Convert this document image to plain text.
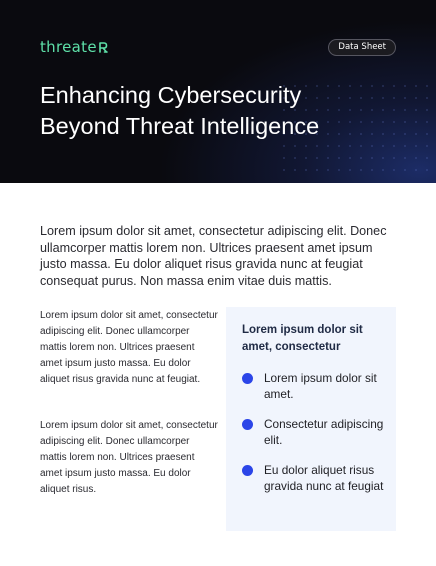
threate	Data Sheet
Enhancing Cybersecurity
Beyond Threat Intelligence

Lorem ipsum dolor sit amet, consectetur adipiscing elit. Donec ullamcorper mattis lorem non. Ultrices praesent amet ipsum justo massa. Eu dolor aliquet risus gravida nunc at feugiat consequat purus. Non massa enim vitae duis mattis.

Lorem ipsum dolor sit amet, consectetur adipiscing elit. Donec ullamcorper mattis lorem non. Ultrices praesent amet ipsum justo massa. Eu dolor aliquet risus gravida nunc at feugiat.

Lorem ipsum dolor sit amet, consectetur adipiscing elit. Donec ullamcorper mattis lorem non. Ultrices praesent amet ipsum justo massa. Eu dolor aliquet risus.

Lorem ipsum dolor sit amet, consectetur
Lorem ipsum dolor sit amet.
Consectetur adipiscing elit.
Eu dolor aliquet risus gravida nunc at feugiat
